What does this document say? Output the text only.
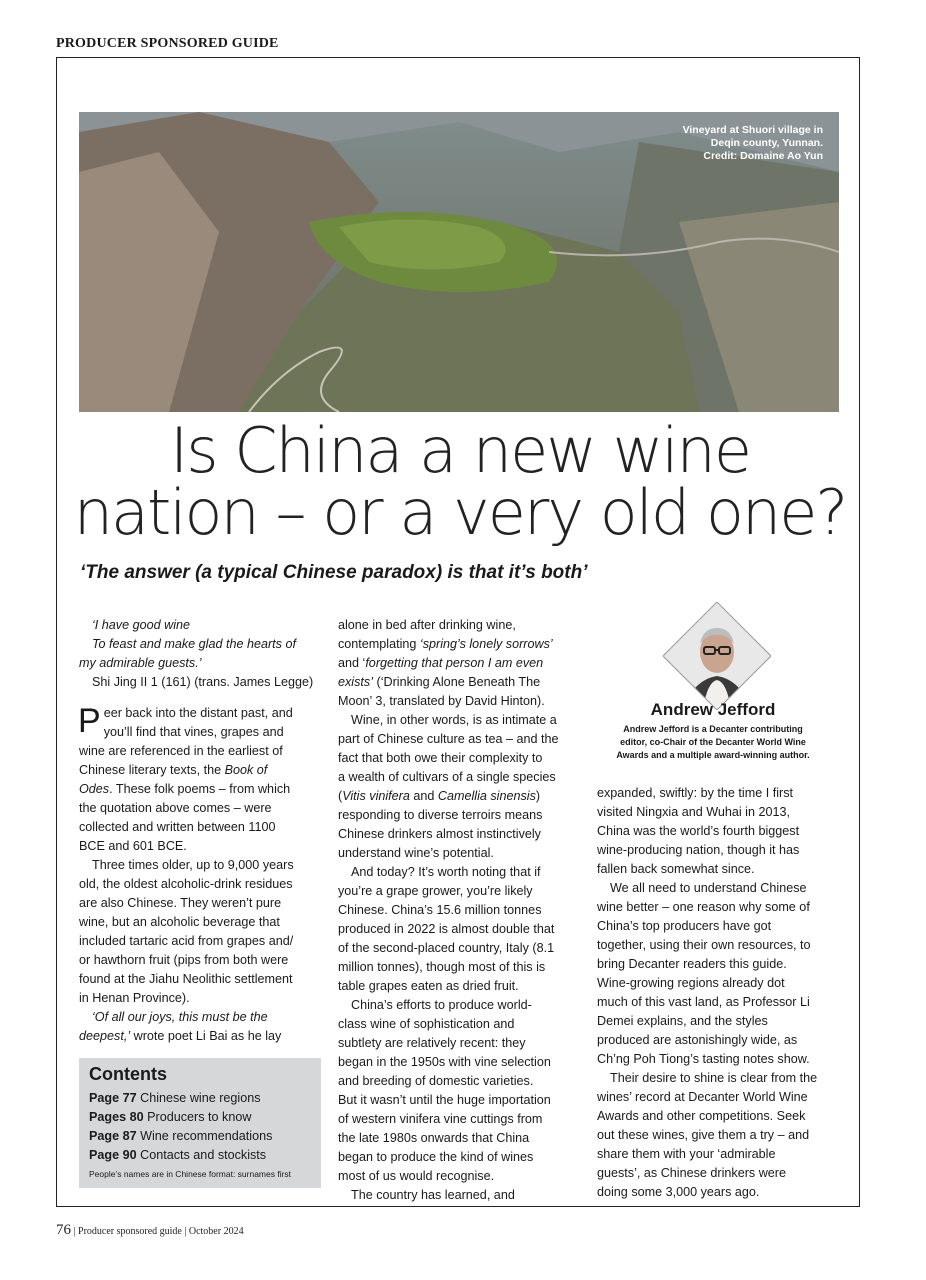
PRODUCER SPONSORED GUIDE
Vineyard at Shuori village in
Deqin county, Yunnan.
Credit: Domaine Ao Yun
Is China a new wine
nation – or a very old one?
‘The answer (a typical Chinese paradox) is that it’s both’
‘I have good wine
To feast and make glad the hearts of
my admirable guests.’
Shi Jing II 1 (161) (trans. James Legge)
P eer back into the distant past, and
you’ll find that vines, grapes and
wine are referenced in the earliest of
Chinese literary texts, the Book of
Odes. These folk poems – from which
the quotation above comes – were
collected and written between 1100
BCE and 601 BCE.
Three times older, up to 9,000 years
old, the oldest alcoholic-drink residues
are also Chinese. They weren’t pure
wine, but an alcoholic beverage that
included tartaric acid from grapes and/
or hawthorn fruit (pips from both were
found at the Jiahu Neolithic settlement
in Henan Province).
‘Of all our joys, this must be the
deepest,’ wrote poet Li Bai as he lay
Contents
Page 77 Chinese wine regions
Pages 80 Producers to know
Page 87 Wine recommendations
Page 90 Contacts and stockists
People’s names are in Chinese format: surnames first
alone in bed after drinking wine,
contemplating ‘spring’s lonely sorrows’
and ‘forgetting that person I am even
exists’ (‘Drinking Alone Beneath The
Moon’ 3, translated by David Hinton).
Wine, in other words, is as intimate a
part of Chinese culture as tea – and the
fact that both owe their complexity to
a wealth of cultivars of a single species
(Vitis vinifera and Camellia sinensis)
responding to diverse terroirs means
Chinese drinkers almost instinctively
understand wine’s potential.
And today? It’s worth noting that if
you’re a grape grower, you’re likely
Chinese. China’s 15.6 million tonnes
produced in 2022 is almost double that
of the second-placed country, Italy (8.1
million tonnes), though most of this is
table grapes eaten as dried fruit.
China’s efforts to produce world-
class wine of sophistication and
subtlety are relatively recent: they
began in the 1950s with vine selection
and breeding of domestic varieties.
But it wasn’t until the huge importation
of western vinifera vine cuttings from
the late 1980s onwards that China
began to produce the kind of wines
most of us would recognise.
The country has learned, and
Andrew Jefford
Andrew Jefford is a Decanter contributing
editor, co-Chair of the Decanter World Wine
Awards and a multiple award-winning author.
expanded, swiftly: by the time I first
visited Ningxia and Wuhai in 2013,
China was the world’s fourth biggest
wine-producing nation, though it has
fallen back somewhat since.
We all need to understand Chinese
wine better – one reason why some of
China’s top producers have got
together, using their own resources, to
bring Decanter readers this guide.
Wine-growing regions already dot
much of this vast land, as Professor Li
Demei explains, and the styles
produced are astonishingly wide, as
Ch’ng Poh Tiong’s tasting notes show.
Their desire to shine is clear from the
wines’ record at Decanter World Wine
Awards and other competitions. Seek
out these wines, give them a try – and
share them with your ‘admirable
guests’, as Chinese drinkers were
doing some 3,000 years ago.
76 | Producer sponsored guide | October 2024
